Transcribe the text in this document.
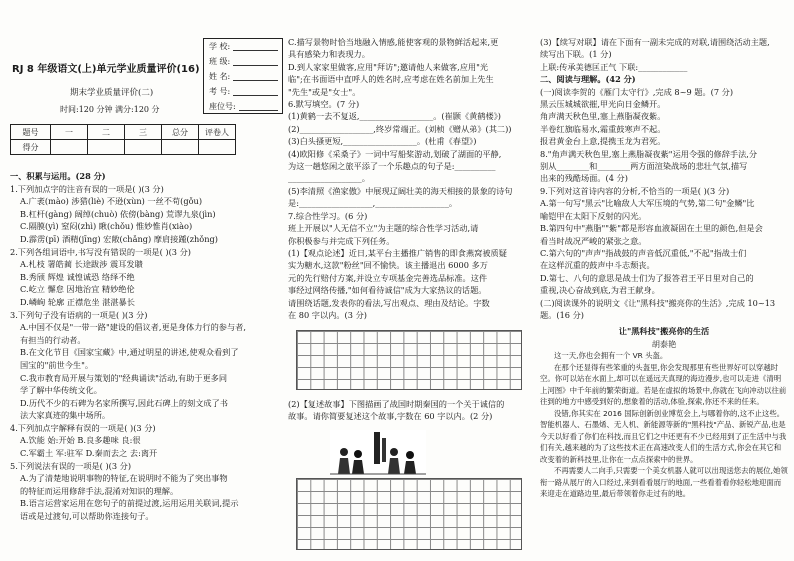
RJ 8 年级语文(上)单元学业质量评价(16)
期末学业质量评价(二)
时间:120 分钟 满分:120 分
学 校:
班 级:
姓 名:
考 号:
座位号:
题号	一	二	三	总分	评卷人
得分					
一、积累与运用。(28 分)
1.下列加点字的注音有误的一项是( )(3 分)
A.广袤(mào) 涉猎(liè) 不逊(xùn) 一丝不苟(gǒu)
B.杠杆(gàng) 阔绰(chuò) 依傍(bàng) 荒谬九泉(jìn)
C.隔膜(yì) 窒闷(zhì) 瞅(chǒu) 惟妙惟肖(xiào)
D.霹雳(pī) 酒精(jīng) 宏敞(chǎng) 摩肩接踵(zhǒng)
2.下列各组词语中,书写没有错误的一项是( )(3 分)
A.札枝 署皓蔺 长途跋涉 震耳发聩
B.秀颀 辉煌 诚惶诚恐 络绎不绝
C.屹立 懈怠 因地治宜 精妙绝伦
D.嶙峋 轮廓 正襟危坐 湛湛暴长
3.下列句子没有语病的一项是( )(3 分)
A.中国不仅是"一带一路"建设的倡议者,更是身体力行的参与者,
有担当的行动者。
B.在文化节目《国家宝藏》中,通过明星的讲述,使观众看到了
国宝的"前世今生"。
C.我市教育局开展与策划的"经典诵读"活动,有助于更多同
学了解中华传统文化。
D.历代不少的石碑为名家所撰写,因此石碑上的刻文成了书
法大家真迹的集中场所。
4.下列加点字解释有误的一项是( )(3 分)
A.饮能 始:开始 B.良多趣味 良:很
C.军霸土 军:驻军 D.秦而去之 去:离开
5.下列说法有误的一项是( )(3 分)
A.为了清楚地说明事物的特征,在说明时不能为了突出事物
的特征而运用修辞手法,混淆对知识的理解。
B.语言运营家运用在您句子的前提过渡,运用运用关联词,提示
语或是过渡句,可以帮助你连接句子。
C.描写景物时恰当地融入情感,能使客观的景物鲜活起来,更
具有感染力和表现力。
D.到人家家里做客,应用"拜访";邀请他人来做客,应用"光
临";在书面语中直呼人的姓名时,应考虑在姓名前加上先生
"先生"或是"女士"。
6.默写填空。(7 分)
(1)黄鹤一去不复返,__________________。(崔颢《黄鹤楼》)
(2)__________________,终岁常端正。(刘桢《赠从弟》(其二))
(3)白头搔更短,__________________。(杜甫《春望》)
(4)欧阳修《采桑子》一词中写船桨游动,划破了湖面的平静,
为这一趟悠闲之旅平添了一个乐趣点的句子是:__________
__________________。
(5)李清照《渔家傲》中展现辽阔壮美的海天相接的景象的诗句
是:__________________,__________________。
7.综合性学习。(6 分)
班上开展以"人无信不立"为主题的综合性学习活动,请
你积极参与并完成下列任务。
(1)【观点论述】近日,某平台主播推广销售的即食燕窝被质疑
实为糖水,这款"粉丝"回不愉快。该主播退出 6000 多万
元的先行赔付方案,并设立专项基金完善选品标准。这件
事经过网络传播,"如何看待诚信"成为大家热议的话题。
请围绕话题,发表你的看法,写出观点、理由及结论。字数
在 80 字以内。(3 分)
(2)【复述故事】下图描画了战国时期秦国的一个关于诚信的
故事。请你简要复述这个故事,字数在 60 字以内。(2 分)
(3)【续写对联】请在下面有一副未完成的对联,请围绕活动主题,
续写出下联。(1 分)
上联:传承美德匡正气 下联:____________
二、阅读与理解。(42 分)
(一)阅读李贺的《雁门太守行》,完成 8~9 题。(7 分)
黑云压城城欲摧,甲光向日金鳞开。
角声满天秋色里,塞上燕脂凝夜紫。
半卷红旗临易水,霜重鼓寒声不起。
报君黄金台上意,提携玉龙为君死。
8."角声满天秋色里,塞上燕脂凝夜紫"运用令强的修辞手法,分
别从________和________两方面渲染战场的悲壮气氛,描写
出来的残酷场面。(4 分)
9.下列对这首诗内容的分析,不恰当的一项是( )(3 分)
A.第一句写"黑云"比喻敌人大军压境的气势,第二句"金鳞"比
喻铠甲在太阳下反射的闪光。
B.第四句中"燕脂""紫"都是形容血液凝固在土里的颜色,但是会
看当时战况严峻的紧张之意。
C.第六句的"声声"指战鼓的声音低沉重低,"不起"指战士们
在这样沉重的鼓声中斗志颓丧。
D.第七、八句的意思是战士们为了报答君王平日里对自己的
重视,决心奋战到底,为君王献身。
(二)阅读课外的说明文《让"黑科技"搬亮你的生活》,完成 10~13
题。(16 分)
让"黑科技"搬亮你的生活
胡泰艳

这一天,你也会拥有一个 VR 头盔。

在那个还显得有些笨重的头盔里,你会发现那里有些世界好可以穿越时空。你可以站在水面上,却可以在遥远天真现的海边漫步,也可以走进《清明上河图》中千年前的繁荣街道。若是在虚拟的场景中,你就在飞向冲动以往前往到的地方中感受到好的,想象着的活动,体验,探索,你还不来的任来。

没错,你其实在 2016 国际创新创业博览会上,与哪着你的,这不止这些。智能机器人、石墨烯、无人机、新能源等新的"黑科技"产品、新锐产品,也是今天以好看了你们在科技,而且它们之中还更有不少已经用到了正生活中与我们有关,越来越的为了这些技术正在高速改变人们的生活方式,你会在其它和改变着的新科技里,让你在一点点探索中的世界。

不再需要人二向手,只需要一个美女机器人就可以出现送您去的展位,她领衔一路从展厅的入口经过,来到看看展厅的地面,一些看着看你轻松地迎面而来迎走在道路边里,最后带领着你走过有的地。
